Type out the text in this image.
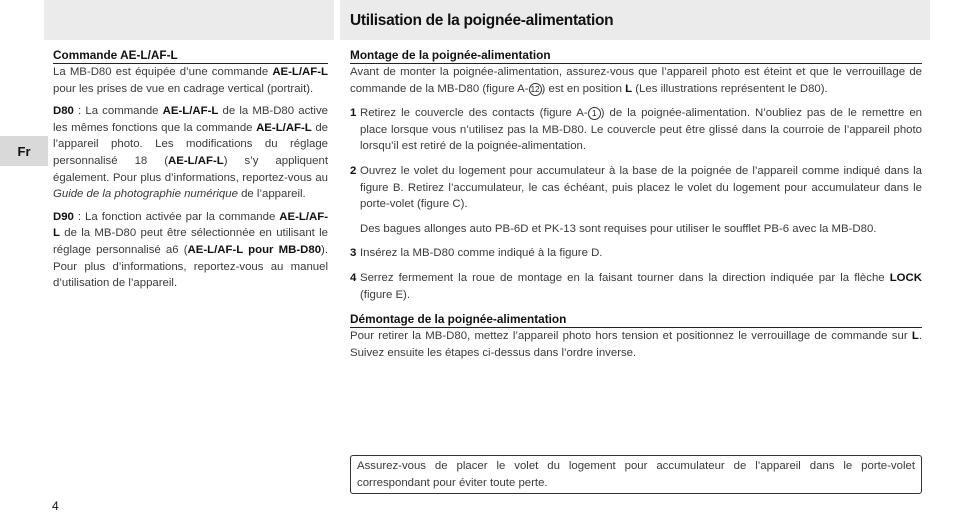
Utilisation de la poignée-alimentation
Fr
Commande AE-L/AF-L

La MB-D80 est équipée d’une commande AE-L/AF-L pour les prises de vue en cadrage vertical (portrait).

D80 : La commande AE-L/AF-L de la MB-D80 active les mêmes fonctions que la commande AE-L/AF-L de l’appareil photo. Les modifications du réglage personnalisé 18 (AE-L/AF-L) s’y appliquent également. Pour plus d’informations, reportez-vous au Guide de la photographie numérique de l’appareil.

D90 : La fonction activée par la commande AE-L/AF-L de la MB-D80 peut être sélectionnée en utilisant le réglage personnalisé a6 (AE-L/AF-L pour MB-D80). Pour plus d’informations, reportez-vous au manuel d’utilisation de l’appareil.

Montage de la poignée-alimentation

Avant de monter la poignée-alimentation, assurez-vous que l’appareil photo est éteint et que le verrouillage de commande de la MB-D80 (figure A- 12 ) est en position L (Les illustrations représentent le D80).

1 Retirez le couvercle des contacts (figure A- 1 ) de la poignée-alimentation. N’oubliez pas de le remettre en place lorsque vous n’utilisez pas la MB-D80. Le couvercle peut être glissé dans la courroie de l’appareil photo lorsqu’il est retiré de la poignée-alimentation.
2 Ouvrez le volet du logement pour accumulateur à la base de la poignée de l’appareil comme indiqué dans la figure B. Retirez l’accumulateur, le cas échéant, puis placez le volet du logement pour accumulateur dans le porte-volet (figure C).

Des bagues allonges auto PB-6D et PK-13 sont requises pour utiliser le soufflet PB-6 avec la MB-D80.

3 Insérez la MB-D80 comme indiqué à la figure D.
4 Serrez fermement la roue de montage en la faisant tourner dans la direction indiquée par la flèche LOCK (figure E).
Démontage de la poignée-alimentation

Pour retirer la MB-D80, mettez l’appareil photo hors tension et positionnez le verrouillage de commande sur L. Suivez ensuite les étapes ci-dessus dans l’ordre inverse.

Assurez-vous de placer le volet du logement pour accumulateur de l’appareil dans le porte-volet correspondant pour éviter toute perte.
4
